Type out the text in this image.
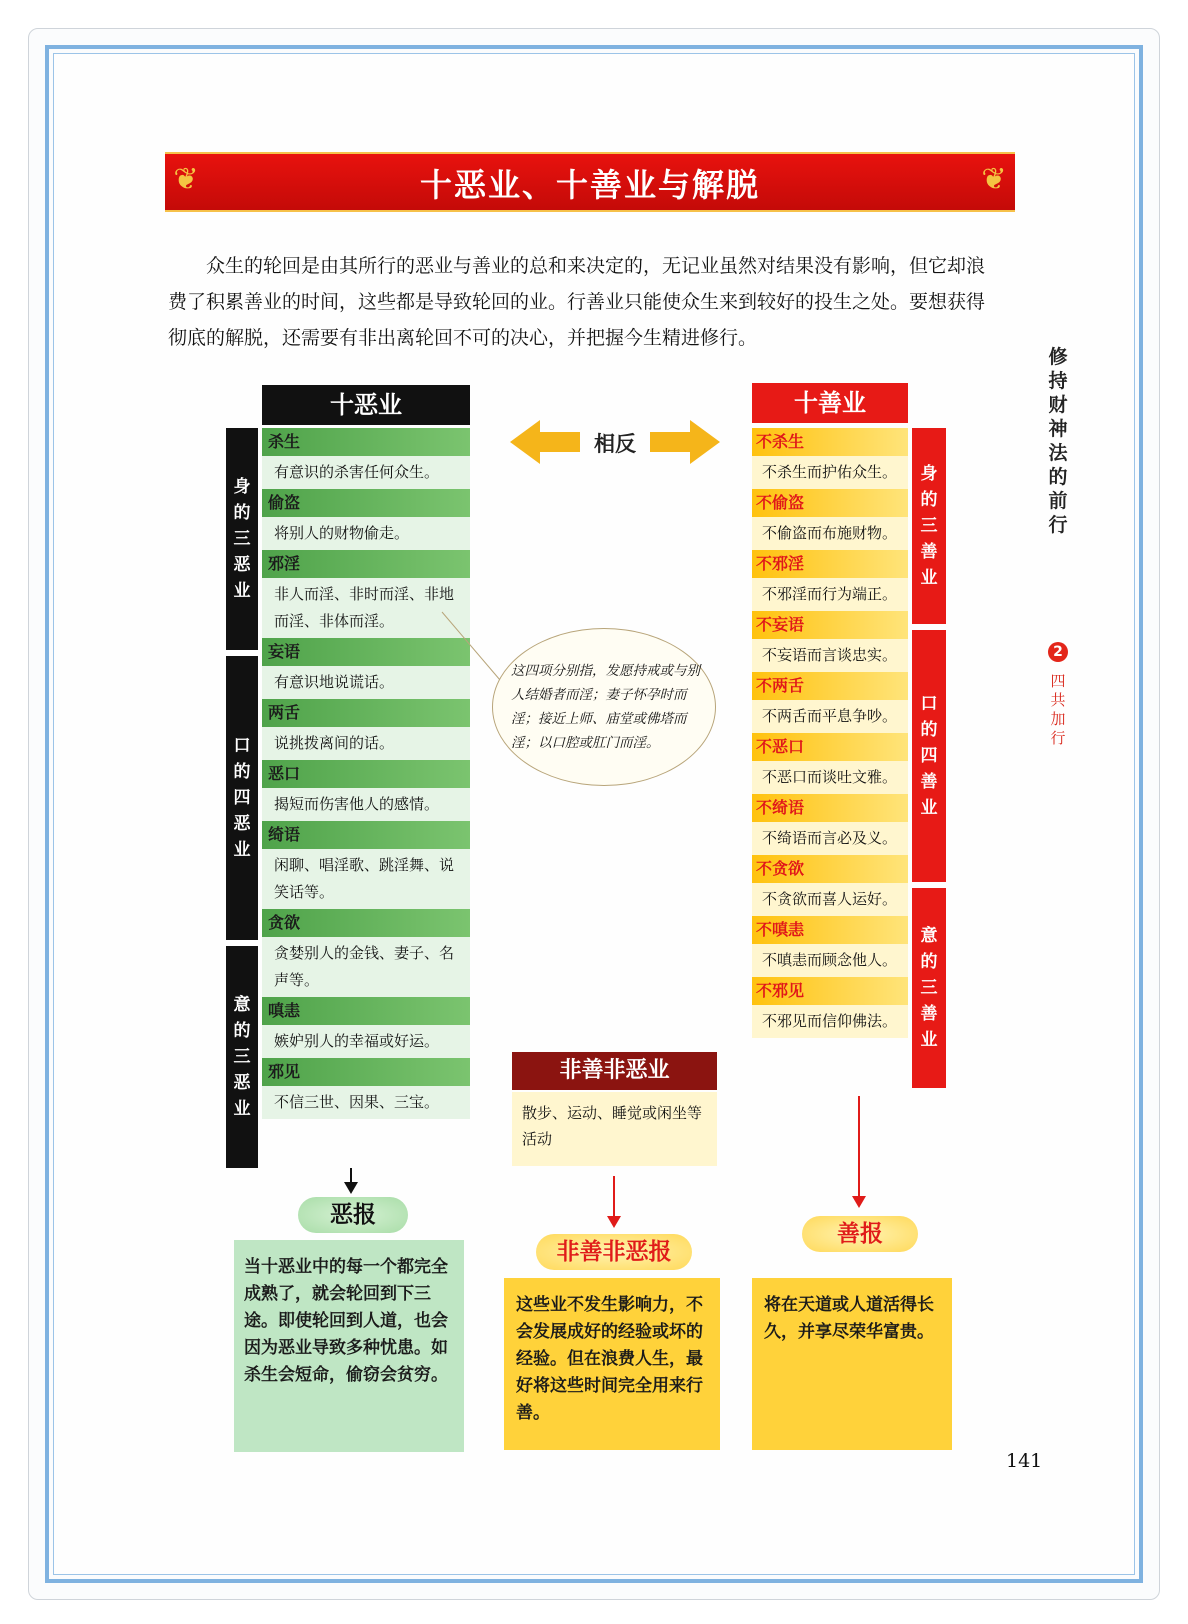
❦	十恶业、十善业与解脱	❦
众生的轮回是由其所行的恶业与善业的总和来决定的，无记业虽然对结果没有影响，但它却浪费了积累善业的时间，这些都是导致轮回的业。行善业只能使众生来到较好的投生之处。要想获得彻底的解脱，还需要有非出离轮回不可的决心，并把握今生精进修行。
修持财神法的前行
2
四共加行
十恶业
身
的
三
恶
业
口
的
四
恶
业
意
的
三
恶
业
杀生
有意识的杀害任何众生。
偷盗
将别人的财物偷走。
邪淫
非人而淫、非时而淫、非地而淫、非体而淫。
妄语
有意识地说谎话。
两舌
说挑拨离间的话。
恶口
揭短而伤害他人的感情。
绮语
闲聊、唱淫歌、跳淫舞、说笑话等。
贪欲
贪婪别人的金钱、妻子、名声等。
嗔恚
嫉妒别人的幸福或好运。
邪见
不信三世、因果、三宝。
相反
十善业
不杀生
不杀生而护佑众生。
不偷盗
不偷盗而布施财物。
不邪淫
不邪淫而行为端正。
不妄语
不妄语而言谈忠实。
不两舌
不两舌而平息争吵。
不恶口
不恶口而谈吐文雅。
不绮语
不绮语而言必及义。
不贪欲
不贪欲而喜人运好。
不嗔恚
不嗔恚而顾念他人。
不邪见
不邪见而信仰佛法。
身
的
三
善
业
口
的
四
善
业
意
的
三
善
业
这四项分别指，发愿持戒或与别人结婚者而淫；妻子怀孕时而淫；接近上师、庙堂或佛塔而淫；以口腔或肛门而淫。
非善非恶业
散步、运动、睡觉或闲坐等活动
恶报
非善非恶报
善报
当十恶业中的每一个都完全成熟了，就会轮回到下三途。即使轮回到人道，也会因为恶业导致多种忧患。如杀生会短命，偷窃会贫穷。
这些业不发生影响力，不会发展成好的经验或坏的经验。但在浪费人生，最好将这些时间完全用来行善。
将在天道或人道活得长久，并享尽荣华富贵。
141
